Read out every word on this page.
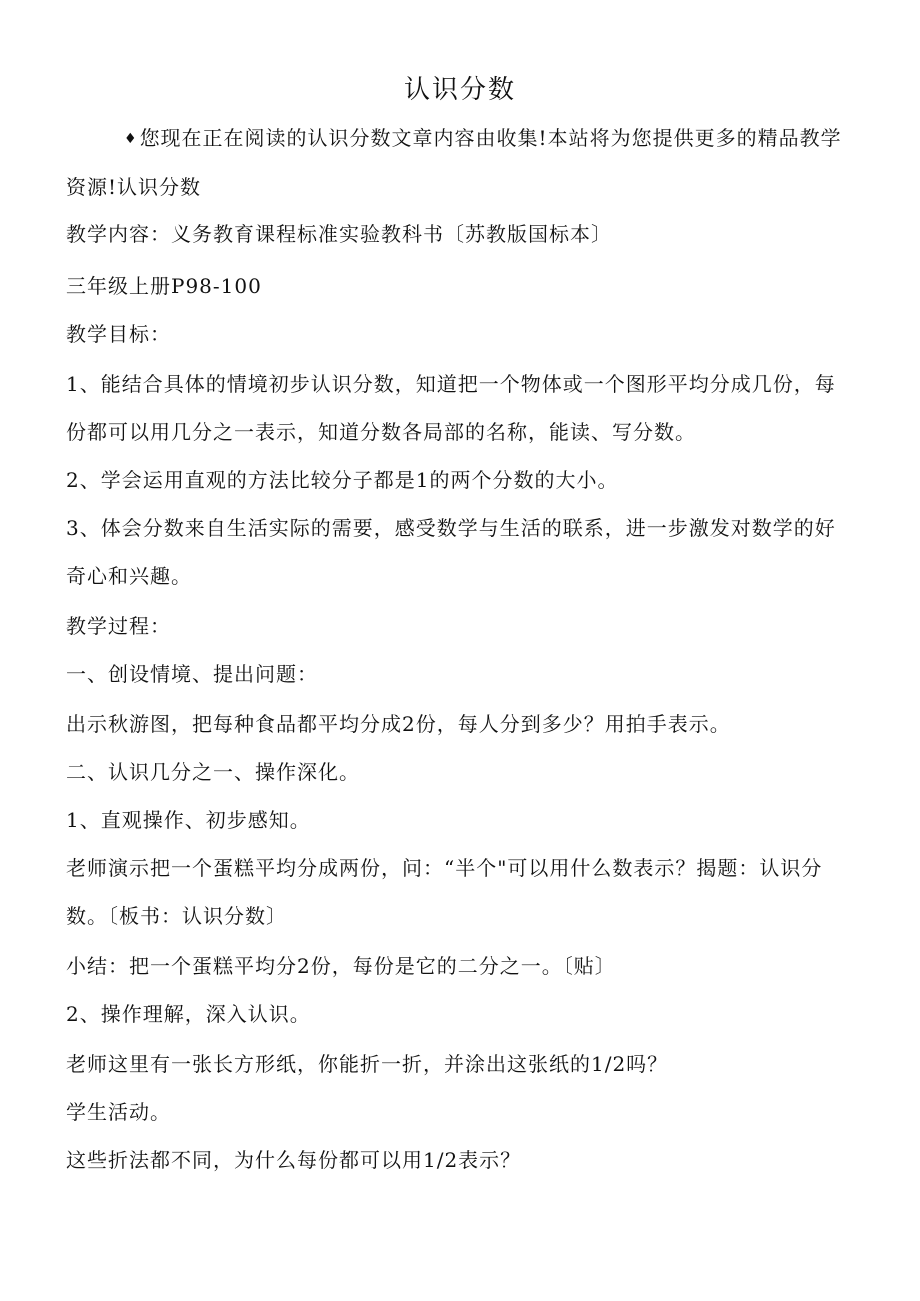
认识分数

♦ 您现在正在阅读的认识分数文章内容由收集!本站将为您提供更多的精品教学资源!认识分数

教学内容：义务教育课程标准实验教科书〔苏教版国标本〕

三年级上册P98-100

教学目标：

1、能结合具体的情境初步认识分数，知道把一个物体或一个图形平均分成几份，每份都可以用几分之一表示，知道分数各局部的名称，能读、写分数。

2、学会运用直观的方法比较分子都是1的两个分数的大小。

3、体会分数来自生活实际的需要，感受数学与生活的联系，进一步激发对数学的好奇心和兴趣。

教学过程：

一、创设情境、提出问题：

出示秋游图，把每种食品都平均分成2份，每人分到多少？用拍手表示。

二、认识几分之一、操作深化。

1、直观操作、初步感知。

老师演示把一个蛋糕平均分成两份，问：“半个"可以用什么数表示？揭题：认识分数。〔板书：认识分数〕

小结：把一个蛋糕平均分2份，每份是它的二分之一。〔贴〕

2、操作理解，深入认识。

老师这里有一张长方形纸，你能折一折，并涂出这张纸的1/2吗？

学生活动。

这些折法都不同，为什么每份都可以用1/2表示？
